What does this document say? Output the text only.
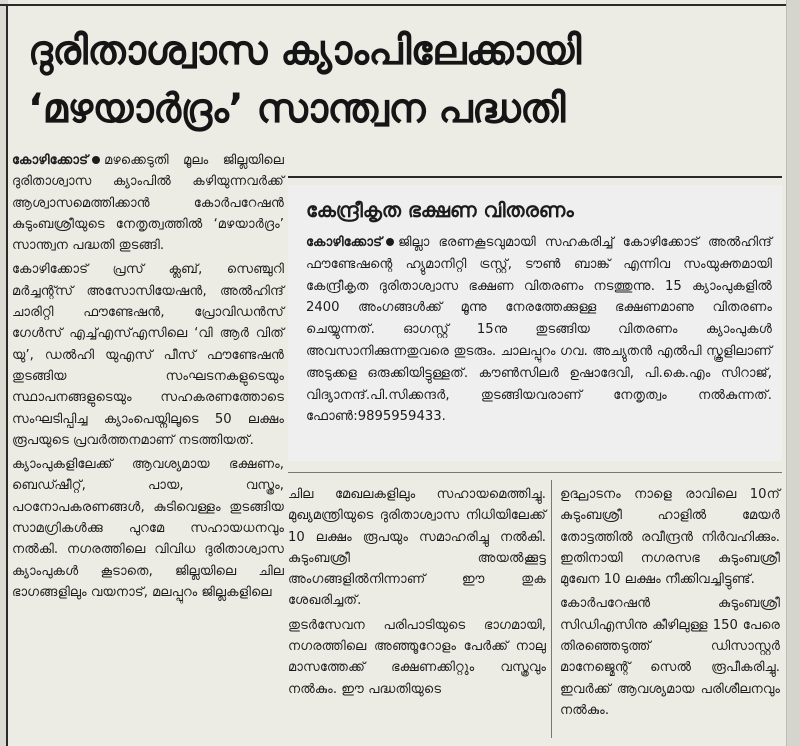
ദുരിതാശ്വാസ ക്യാംപിലേക്കായി
‘മഴയാർദ്രം’ സാന്ത്വന പദ്ധതി

കോഴിക്കോട് മഴക്കെടുതി മൂലം ജില്ലയിലെ ദുരിതാശ്വാസ ക്യാംപിൽ കഴിയുന്നവർക്ക് ആശ്വാസമെത്തിക്കാൻ കോർപറേഷൻ കുടുംബശ്രീയുടെ നേതൃത്വത്തിൽ ‘മഴയാർദ്രം’ സാന്ത്വന പദ്ധതി തുടങ്ങി.

കോഴിക്കോട് പ്രസ് ക്ലബ്, സെഞ്ചുറി മർച്ചന്റ്സ് അസോസിയേഷൻ, അൽഹിന്ദ് ചാരിറ്റി ഫൗണ്ടേഷൻ, പ്രോവിഡൻസ് ഗേൾസ് എച്ച്എസ്എസിലെ ‘വി ആർ വിത് യു’, ഡൽഹി യുഎസ് പീസ് ഫൗണ്ടേഷൻ തുടങ്ങിയ സംഘടനകളുടെയും സ്ഥാപനങ്ങളുടെയും സഹകരണത്തോടെ സംഘടിപ്പിച്ച ക്യാംപെയ്നിലൂടെ 50 ലക്ഷം രൂപയുടെ പ്രവർത്തനമാണ് നടത്തിയത്.

ക്യാംപുകളിലേക്ക് ആവശ്യമായ ഭക്ഷണം, ബെഡ്ഷീറ്റ്, പായ, വസ്ത്രം, പഠനോപകരണങ്ങൾ, കുടിവെള്ളം തുടങ്ങിയ സാമഗ്രികൾക്കു പുറമേ സഹായധനവും നൽകി. നഗരത്തിലെ വിവിധ ദുരിതാശ്വാസ ക്യാംപുകൾ കൂടാതെ, ജില്ലയിലെ ചില ഭാഗങ്ങളിലും വയനാട്, മലപ്പുറം ജില്ലകളിലെ

കേന്ദ്രീകൃത ഭക്ഷണ വിതരണം

കോഴിക്കോട് ജില്ലാ ഭരണകൂടവുമായി സഹകരിച്ച് കോഴിക്കോട് അൽഹിന്ദ് ഫൗണ്ടേഷന്റെ ഹ്യുമാനിറ്റി ട്രസ്റ്റ്, ടൗൺ ബാങ്ക് എന്നിവ സംയുക്തമായി കേന്ദ്രീകൃത ദുരിതാശ്വാസ ഭക്ഷണ വിതരണം നടത്തുന്നു. 15 ക്യാംപുകളിൽ 2400 അംഗങ്ങൾക്ക് മൂന്നു നേരത്തേക്കുള്ള ഭക്ഷണമാണു വിതരണം ചെയ്യുന്നത്. ഓഗസ്റ്റ് 15നു തുടങ്ങിയ വിതരണം ക്യാംപുകൾ അവസാനിക്കുന്നതുവരെ തുടരും. ചാലപ്പുറം ഗവ. അച്യുതൻ എൽപി സ്കൂളിലാണ് അടുക്കള ഒരുക്കിയിട്ടുള്ളത്. കൗൺസിലർ ഉഷാദേവി, പി.കെ.എം സിറാജ്, വിദ്യാനന്ദ്.പി.സിക്കന്ദർ, തുടങ്ങിയവരാണ് നേതൃത്വം നൽകുന്നത്. ഫോൺ:9895959433.

ചില മേഖലകളിലും സഹായമെത്തിച്ചു. മുഖ്യമന്ത്രിയുടെ ദുരിതാശ്വാസ നിധിയിലേക്ക് 10 ലക്ഷം രൂപയും സമാഹരിച്ചു നൽകി. കുടുംബശ്രീ അയൽക്കൂട്ട അംഗങ്ങളിൽനിന്നാണ് ഈ തുക ശേഖരിച്ചത്.

തുടർസേവന പരിപാടിയുടെ ഭാഗമായി, നഗരത്തിലെ അഞ്ഞൂറോളം പേർക്ക് നാലു മാസത്തേക്ക് ഭക്ഷണക്കിറ്റും വസ്ത്രവും നൽകും. ഈ പദ്ധതിയുടെ

ഉദ്ഘാടനം നാളെ രാവിലെ 10ന് കുടുംബശ്രീ ഹാളിൽ മേയർ തോട്ടത്തിൽ രവീന്ദ്രൻ നിർവഹിക്കും. ഇതിനായി നഗരസഭ കുടുംബശ്രീ മുഖേന 10 ലക്ഷം നീക്കിവച്ചിട്ടുണ്ട്.

കോർപറേഷൻ കുടുംബശ്രീ സിഡിഎസിനു കീഴിലുള്ള 150 പേരെ തിരഞ്ഞെടുത്ത് ഡിസാസ്റ്റർ മാനേജ്മെന്റ് സെൽ രൂപീകരിച്ചു. ഇവർക്ക് ആവശ്യമായ പരിശീലനവും നൽകും.
